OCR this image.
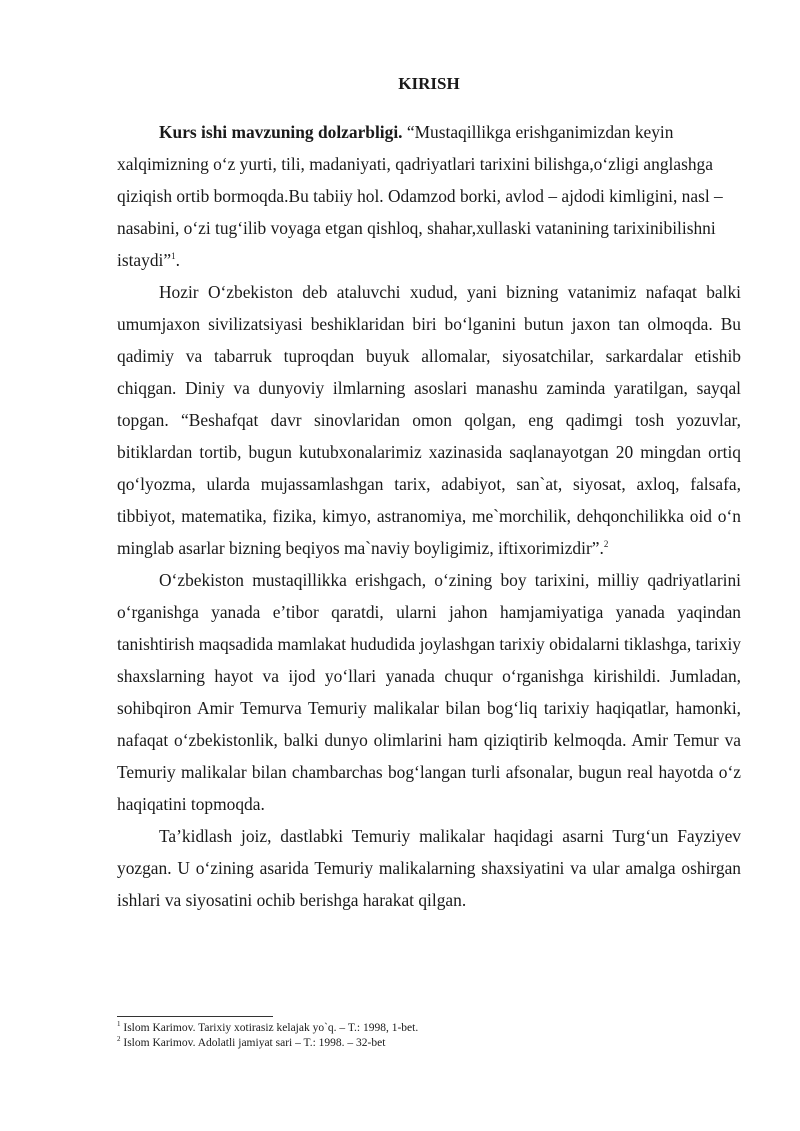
KIRISH

Kurs ishi mavzuning dolzarbligi. “Mustaqillikga erishganimizdan keyin xalqimizning o‘z yurti, tili, madaniyati, qadriyatlari tarixini bilishga,o‘zligi anglashga qiziqish ortib bormoqda.Bu tabiiy hol. Odamzod borki, avlod – ajdodi kimligini, nasl – nasabini, o‘zi tug‘ilib voyaga etgan qishloq, shahar,xullaski vatanining tarixinibilishni istaydi”$^1$.

Hozir O‘zbekiston deb ataluvchi xudud, yani bizning vatanimiz nafaqat balki umumjaxon sivilizatsiyasi beshiklaridan biri bo‘lganini butun jaxon tan olmoqda. Bu qadimiy va tabarruk tuproqdan buyuk allomalar, siyosatchilar, sarkardalar etishib chiqgan. Diniy va dunyoviy ilmlarning asoslari manashu zaminda yaratilgan, sayqal topgan. “Beshafqat davr sinovlaridan omon qolgan, eng qadimgi tosh yozuvlar, bitiklardan tortib, bugun kutubxonalarimiz xazinasida saqlanayotgan 20 mingdan ortiq qo‘lyozma, ularda mujassamlashgan tarix, adabiyot, san`at, siyosat, axloq, falsafa, tibbiyot, matematika, fizika, kimyo, astranomiya, me`morchilik, dehqonchilikka oid o‘n minglab asarlar bizning beqiyos ma`naviy boyligimiz, iftixorimizdir”.$^2$

O‘zbekiston mustaqillikka erishgach, o‘zining boy tarixini, milliy qadriyatlarini o‘rganishga yanada e’tibor qaratdi, ularni jahon hamjamiyatiga yanada yaqindan tanishtirish maqsadida mamlakat hududida joylashgan tarixiy obidalarni tiklashga, tarixiy shaxslarning hayot va ijod yo‘llari yanada chuqur o‘rganishga kirishildi. Jumladan, sohibqiron Amir Temurva Temuriy malikalar bilan bog‘liq tarixiy haqiqatlar, hamonki, nafaqat o‘zbekistonlik, balki dunyo olimlarini ham qiziqtirib kelmoqda. Amir Temur va Temuriy malikalar bilan chambarchas bog‘langan turli afsonalar, bugun real hayotda o‘z haqiqatini topmoqda.

Ta’kidlash joiz, dastlabki Temuriy malikalar haqidagi asarni Turg‘un Fayziyev yozgan. U o‘zining asarida Temuriy malikalarning shaxsiyatini va ular amalga oshirgan ishlari va siyosatini ochib berishga harakat qilgan.

$^1$ Islom Karimov. Tarixiy xotirasiz kelajak yo`q. – T.: 1998, 1-bet.

$^2$ Islom Karimov. Adolatli jamiyat sari – T.: 1998. – 32-bet
